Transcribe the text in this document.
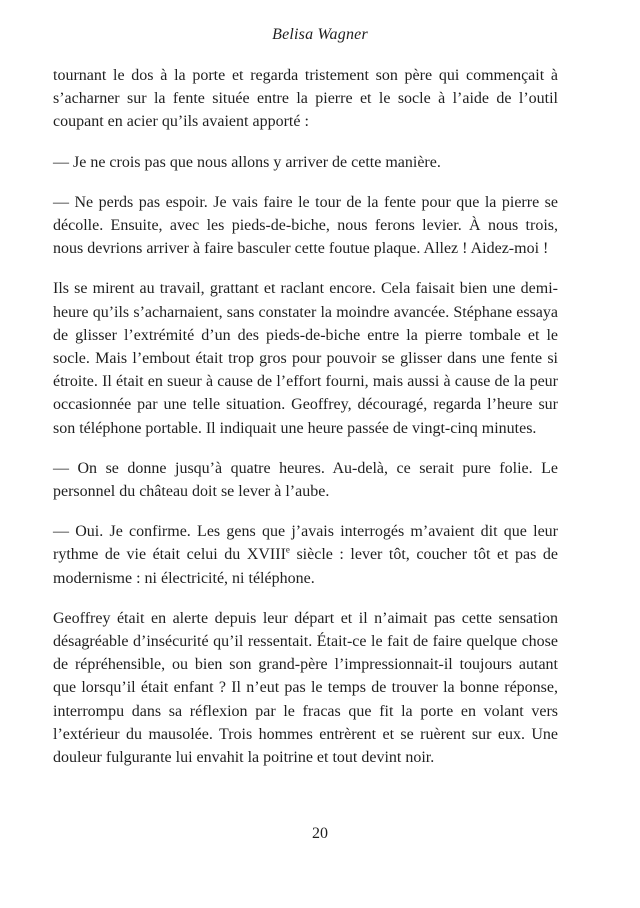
Belisa Wagner

tournant le dos à la porte et regarda tristement son père qui commençait à s’acharner sur la fente située entre la pierre et le socle à l’aide de l’outil coupant en acier qu’ils avaient apporté :

— Je ne crois pas que nous allons y arriver de cette manière.

— Ne perds pas espoir. Je vais faire le tour de la fente pour que la pierre se décolle. Ensuite, avec les pieds-de-biche, nous ferons levier. À nous trois, nous devrions arriver à faire basculer cette foutue plaque. Allez ! Aidez-moi !

Ils se mirent au travail, grattant et raclant encore. Cela faisait bien une demi-heure qu’ils s’acharnaient, sans constater la moindre avancée. Stéphane essaya de glisser l’extrémité d’un des pieds-de-biche entre la pierre tombale et le socle. Mais l’embout était trop gros pour pouvoir se glisser dans une fente si étroite. Il était en sueur à cause de l’effort fourni, mais aussi à cause de la peur occasionnée par une telle situation. Geoffrey, découragé, regarda l’heure sur son téléphone portable. Il indiquait une heure passée de vingt-cinq minutes.

— On se donne jusqu’à quatre heures. Au-delà, ce serait pure folie. Le personnel du château doit se lever à l’aube.

— Oui. Je confirme. Les gens que j’avais interrogés m’avaient dit que leur rythme de vie était celui du XVIIIe siècle : lever tôt, coucher tôt et pas de modernisme : ni électricité, ni téléphone.

Geoffrey était en alerte depuis leur départ et il n’aimait pas cette sensation désagréable d’insécurité qu’il ressentait. Était-ce le fait de faire quelque chose de répréhensible, ou bien son grand-père l’impressionnait-il toujours autant que lorsqu’il était enfant ? Il n’eut pas le temps de trouver la bonne réponse, interrompu dans sa réflexion par le fracas que fit la porte en volant vers l’extérieur du mausolée. Trois hommes entrèrent et se ruèrent sur eux. Une douleur fulgurante lui envahit la poitrine et tout devint noir.

20
